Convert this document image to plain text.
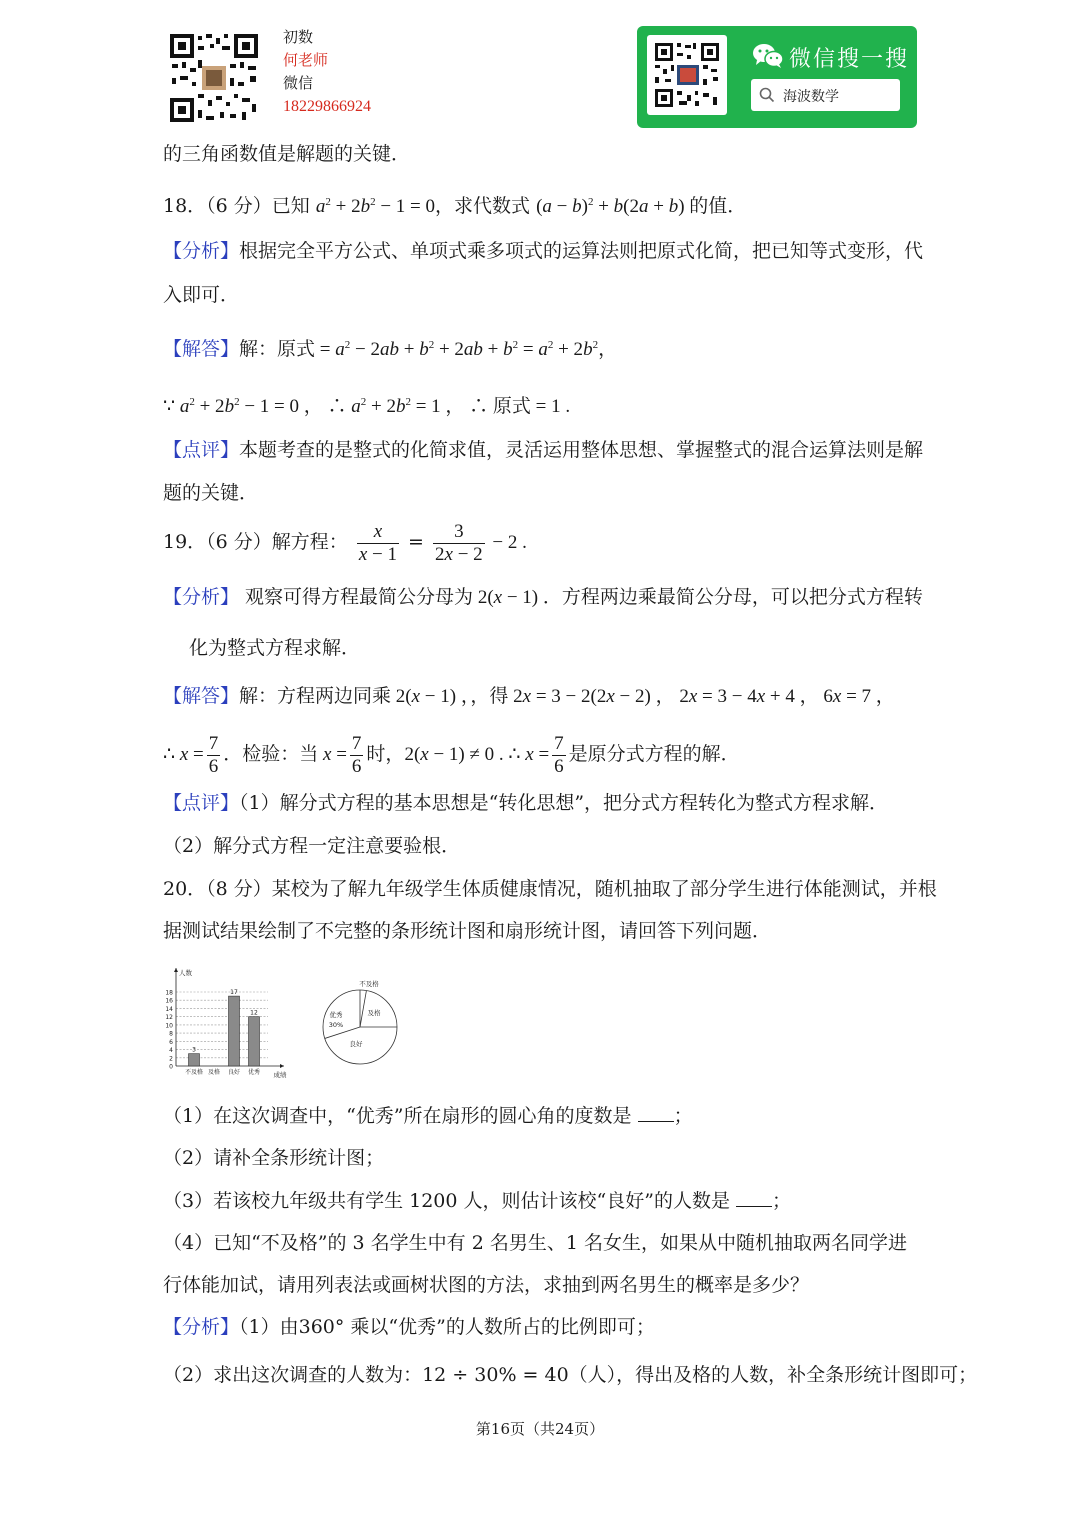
初数
何老师
微信
18229866924
微信搜一搜
海波数学
的三角函数值是解题的关键．
18．（6 分）已知 $a^2 + 2b^2 - 1 = 0$，求代数式 $(a - b)^2 + b(2a + b)$ 的值．
【分析】根据完全平方公式、单项式乘多项式的运算法则把原式化简，把已知等式变形，代
入即可．
【解答】解：原式 = $a^2 - 2ab + b^2 + 2ab + b^2 = a^2 + 2b^2$，
∵ $a^2 + 2b^2 - 1 = 0$ ， ∴ $a^2 + 2b^2 = 1$ ， ∴ 原式 = 1 .
【点评】本题考查的是整式的化简求值，灵活运用整体思想、掌握整式的混合运算法则是解
题的关键．
19．（6 分）解方程： $\frac{x}{x - 1} = \frac{3}{2x - 2} - 2$ .
【分析】 观察可得方程最简公分母为 2(x − 1) ．方程两边乘最简公分母，可以把分式方程转
化为整式方程求解．
【解答】解：方程两边同乘 2(x − 1) ，，得 2x = 3 − 2(2x − 2) ， 2x = 3 − 4x + 4 ， 6x = 7 ，
∴ $x = \frac{7}{6}$ ．检验：当 $x = \frac{7}{6}$ 时，2(x − 1) ≠ 0 . ∴ $x = \frac{7}{6}$ 是原分式方程的解．
【点评】（1）解分式方程的基本思想是“转化思想”，把分式方程转化为整式方程求解．
（2）解分式方程一定注意要验根．
20．（8 分）某校为了解九年级学生体质健康情况，随机抽取了部分学生进行体能测试，并根
据测试结果绘制了不完整的条形统计图和扇形统计图，请回答下列问题．
0
2
4
6
8
10
12
14
16
18
人数
成绩
3
不及格 及格
17
良好
12
优秀
不及格
及格
良好
优秀
30%
（1）在这次调查中，“优秀”所在扇形的圆心角的度数是 ；
（2）请补全条形统计图；
（3）若该校九年级共有学生 1200 人，则估计该校“良好”的人数是 ；
（4）已知“不及格”的 3 名学生中有 2 名男生、1 名女生，如果从中随机抽取两名同学进
行体能加试，请用列表法或画树状图的方法，求抽到两名男生的概率是多少？
【分析】（1）由360° 乘以“优秀”的人数所占的比例即可；
（2）求出这次调查的人数为：12 ÷ 30% = 40（人），得出及格的人数，补全条形统计图即可；
第16页（共24页）
